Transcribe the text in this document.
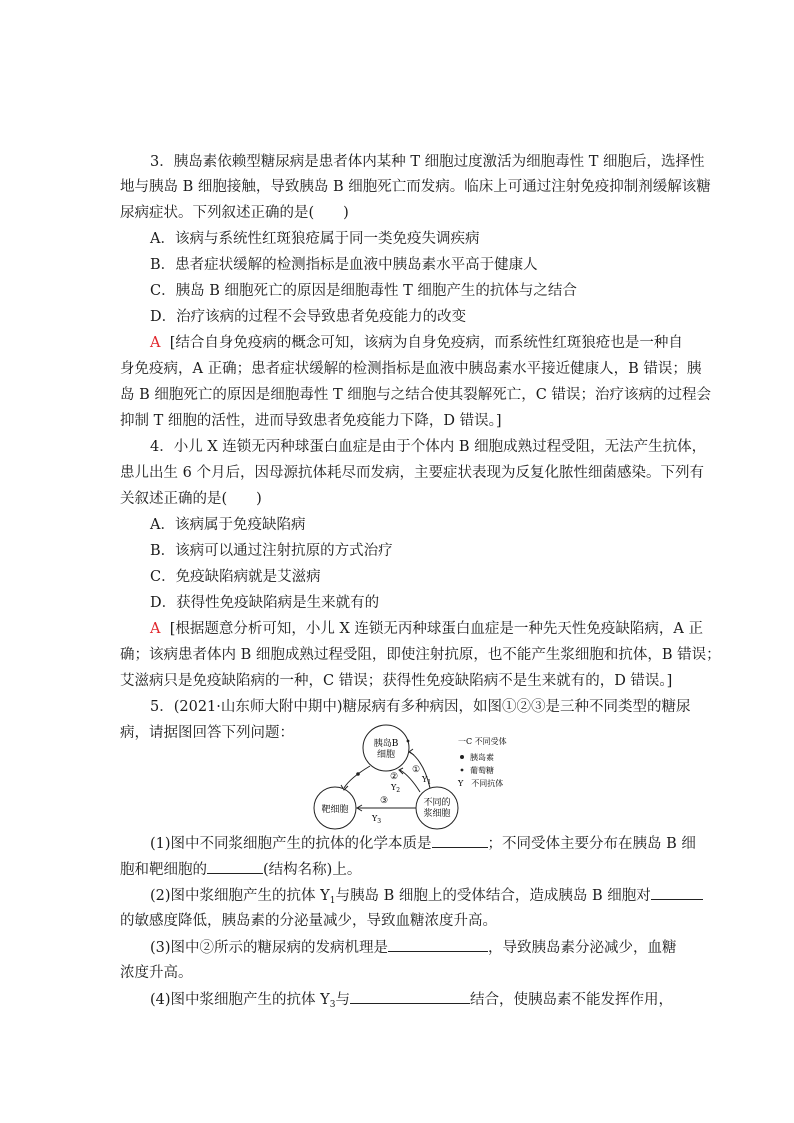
3．胰岛素依赖型糖尿病是患者体内某种 T 细胞过度激活为细胞毒性 T 细胞后，选择性
地与胰岛 B 细胞接触，导致胰岛 B 细胞死亡而发病。临床上可通过注射免疫抑制剂缓解该糖
尿病症状。下列叙述正确的是(　　)
A．该病与系统性红斑狼疮属于同一类免疫失调疾病
B．患者症状缓解的检测指标是血液中胰岛素水平高于健康人
C．胰岛 B 细胞死亡的原因是细胞毒性 T 细胞产生的抗体与之结合
D．治疗该病的过程不会导致患者免疫能力的改变
A [结合自身免疫病的概念可知，该病为自身免疫病，而系统性红斑狼疮也是一种自
身免疫病，A 正确；患者症状缓解的检测指标是血液中胰岛素水平接近健康人，B 错误；胰
岛 B 细胞死亡的原因是细胞毒性 T 细胞与之结合使其裂解死亡，C 错误；治疗该病的过程会
抑制 T 细胞的活性，进而导致患者免疫能力下降，D 错误。]
4．小儿 X 连锁无丙种球蛋白血症是由于个体内 B 细胞成熟过程受阻，无法产生抗体，
患儿出生 6 个月后，因母源抗体耗尽而发病，主要症状表现为反复化脓性细菌感染。下列有
关叙述正确的是(　　)
A．该病属于免疫缺陷病
B．该病可以通过注射抗原的方式治疗
C．免疫缺陷病就是艾滋病
D．获得性免疫缺陷病是生来就有的
A [根据题意分析可知，小儿 X 连锁无丙种球蛋白血症是一种先天性免疫缺陷病，A 正
确；该病患者体内 B 细胞成熟过程受阻，即使注射抗原，也不能产生浆细胞和抗体，B 错误；
艾滋病只是免疫缺陷病的一种，C 错误；获得性免疫缺陷病不是生来就有的，D 错误。]
5．(2021·山东师大附中期中)糖尿病有多种病因，如图①②③是三种不同类型的糖尿
病，请据图回答下列问题：
胰岛B
细胞
靶细胞
不同的
浆细胞
①
②
③
$Y_1$
$Y_2$
$Y_3$
一C 不同受体
胰岛素
葡萄糖
Y　不同抗体
(1)图中不同浆细胞产生的抗体的化学本质是	；不同受体主要分布在胰岛 B 细
胞和靶细胞的	(结构名称)上。
(2)图中浆细胞产生的抗体 $Y_1$与胰岛 B 细胞上的受体结合，造成胰岛 B 细胞对
的敏感度降低，胰岛素的分泌量减少，导致血糖浓度升高。
(3)图中②所示的糖尿病的发病机理是	，导致胰岛素分泌减少，血糖
浓度升高。
(4)图中浆细胞产生的抗体 $Y_3$与	结合，使胰岛素不能发挥作用，
